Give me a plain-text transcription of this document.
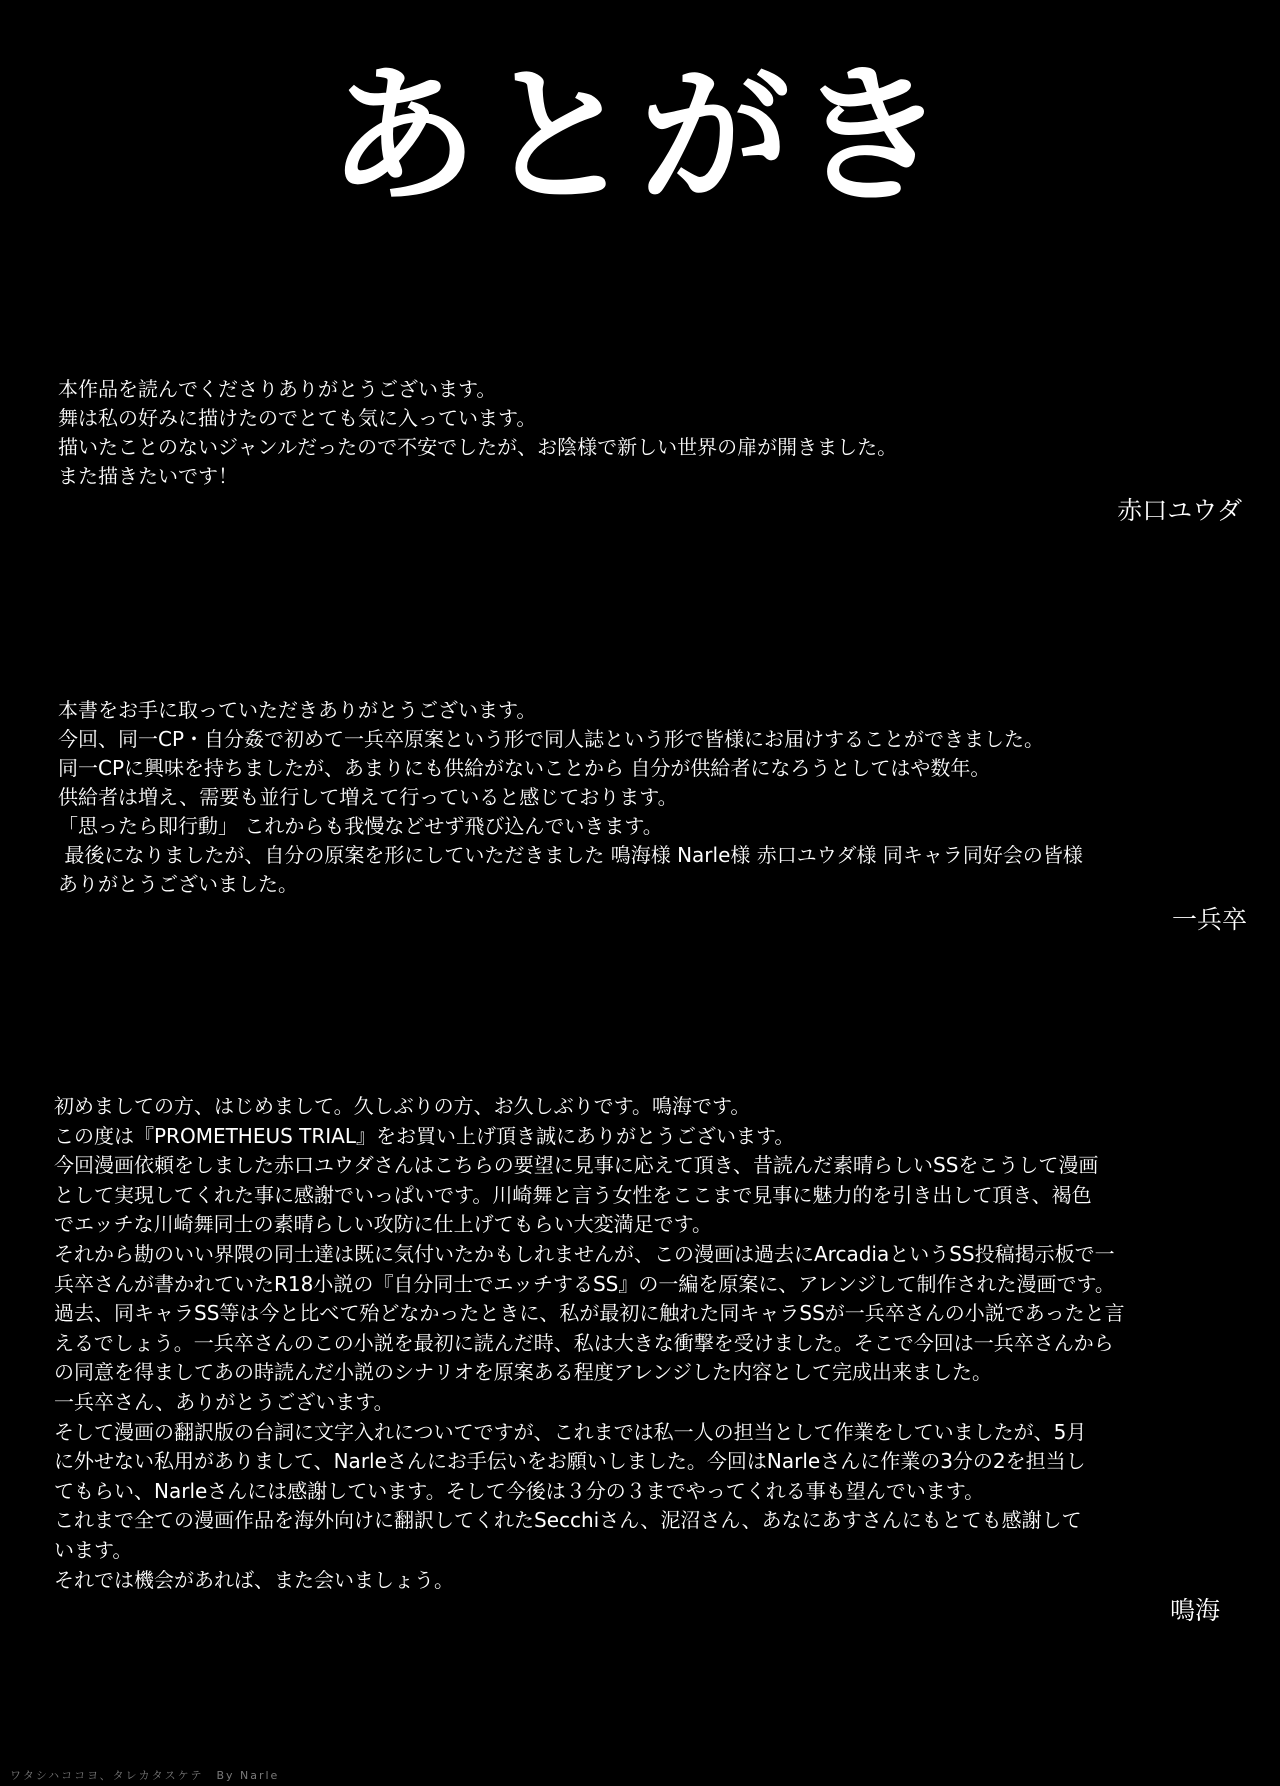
あとがき
本作品を読んでくださりありがとうございます。
舞は私の好みに描けたのでとても気に入っています。
描いたことのないジャンルだったので不安でしたが、お陰様で新しい世界の扉が開きました。
また描きたいです！
赤口ユウダ
本書をお手に取っていただきありがとうございます。
今回、同一CP・自分姦で初めて一兵卒原案という形で同人誌という形で皆様にお届けすることができました。
同一CPに興味を持ちましたが、あまりにも供給がないことから 自分が供給者になろうとしてはや数年。
供給者は増え、需要も並行して増えて行っていると感じております。
「思ったら即行動」 これからも我慢などせず飛び込んでいきます。
最後になりましたが、自分の原案を形にしていただきました 鳴海様 Narle様 赤口ユウダ様 同キャラ同好会の皆様
ありがとうございました。
一兵卒
初めましての方、はじめまして。久しぶりの方、お久しぶりです。鳴海です。
この度は『PROMETHEUS TRIAL』をお買い上げ頂き誠にありがとうございます。
今回漫画依頼をしました赤口ユウダさんはこちらの要望に見事に応えて頂き、昔読んだ素晴らしいSSをこうして漫画
として実現してくれた事に感謝でいっぱいです。川崎舞と言う女性をここまで見事に魅力的を引き出して頂き、褐色
でエッチな川崎舞同士の素晴らしい攻防に仕上げてもらい大変満足です。
それから勘のいい界隈の同士達は既に気付いたかもしれませんが、この漫画は過去にArcadiaというSS投稿掲示板で一
兵卒さんが書かれていたR18小説の『自分同士でエッチするSS』の一編を原案に、アレンジして制作された漫画です。
過去、同キャラSS等は今と比べて殆どなかったときに、私が最初に触れた同キャラSSが一兵卒さんの小説であったと言
えるでしょう。一兵卒さんのこの小説を最初に読んだ時、私は大きな衝撃を受けました。そこで今回は一兵卒さんから
の同意を得ましてあの時読んだ小説のシナリオを原案ある程度アレンジした内容として完成出来ました。
一兵卒さん、ありがとうございます。
そして漫画の翻訳版の台詞に文字入れについてですが、これまでは私一人の担当として作業をしていましたが、5月
に外せない私用がありまして、Narleさんにお手伝いをお願いしました。今回はNarleさんに作業の3分の2を担当し
てもらい、Narleさんには感謝しています。そして今後は３分の３までやってくれる事も望んでいます。
これまで全ての漫画作品を海外向けに翻訳してくれたSecchiさん、泥沼さん、あなにあすさんにもとても感謝して
います。
それでは機会があれば、また会いましょう。
鳴海
ワタシハココヨ、タレカタスケテ　By Narle
